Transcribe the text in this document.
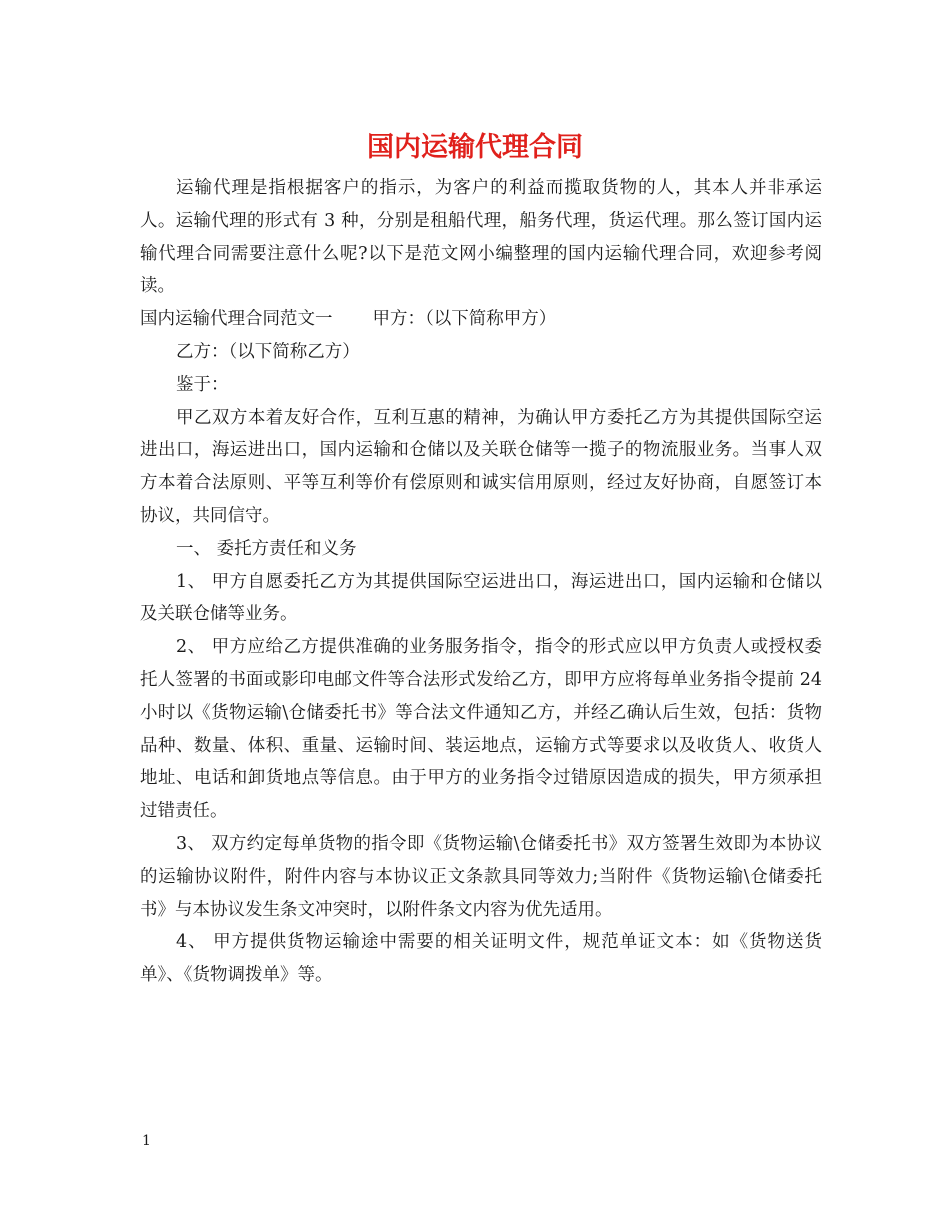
国内运输代理合同

运输代理是指根据客户的指示，为客户的利益而揽取货物的人，其本人并非承运人。运输代理的形式有 3 种，分别是租船代理，船务代理，货运代理。那么签订国内运输代理合同需要注意什么呢?以下是范文网小编整理的国内运输代理合同，欢迎参考阅读。

国内运输代理合同范文一 甲方：（以下简称甲方）

乙方：（以下简称乙方）

鉴于：

甲乙双方本着友好合作，互利互惠的精神，为确认甲方委托乙方为其提供国际空运进出口，海运进出口，国内运输和仓储以及关联仓储等一揽子的物流服业务。当事人双方本着合法原则、平等互利等价有偿原则和诚实信用原则，经过友好协商，自愿签订本协议，共同信守。

一、 委托方责任和义务

1、 甲方自愿委托乙方为其提供国际空运进出口，海运进出口，国内运输和仓储以及关联仓储等业务。

2、 甲方应给乙方提供准确的业务服务指令，指令的形式应以甲方负责人或授权委托人签署的书面或影印电邮文件等合法形式发给乙方，即甲方应将每单业务指令提前 24 小时以《货物运输\仓储委托书》等合法文件通知乙方，并经乙确认后生效，包括：货物品种、数量、体积、重量、运输时间、装运地点，运输方式等要求以及收货人、收货人地址、电话和卸货地点等信息。由于甲方的业务指令过错原因造成的损失，甲方须承担过错责任。

3、 双方约定每单货物的指令即《货物运输\仓储委托书》双方签署生效即为本协议的运输协议附件，附件内容与本协议正文条款具同等效力;当附件《货物运输\仓储委托书》与本协议发生条文冲突时，以附件条文内容为优先适用。

4、 甲方提供货物运输途中需要的相关证明文件，规范单证文本：如《货物送货单》、《货物调拨单》等。

1
